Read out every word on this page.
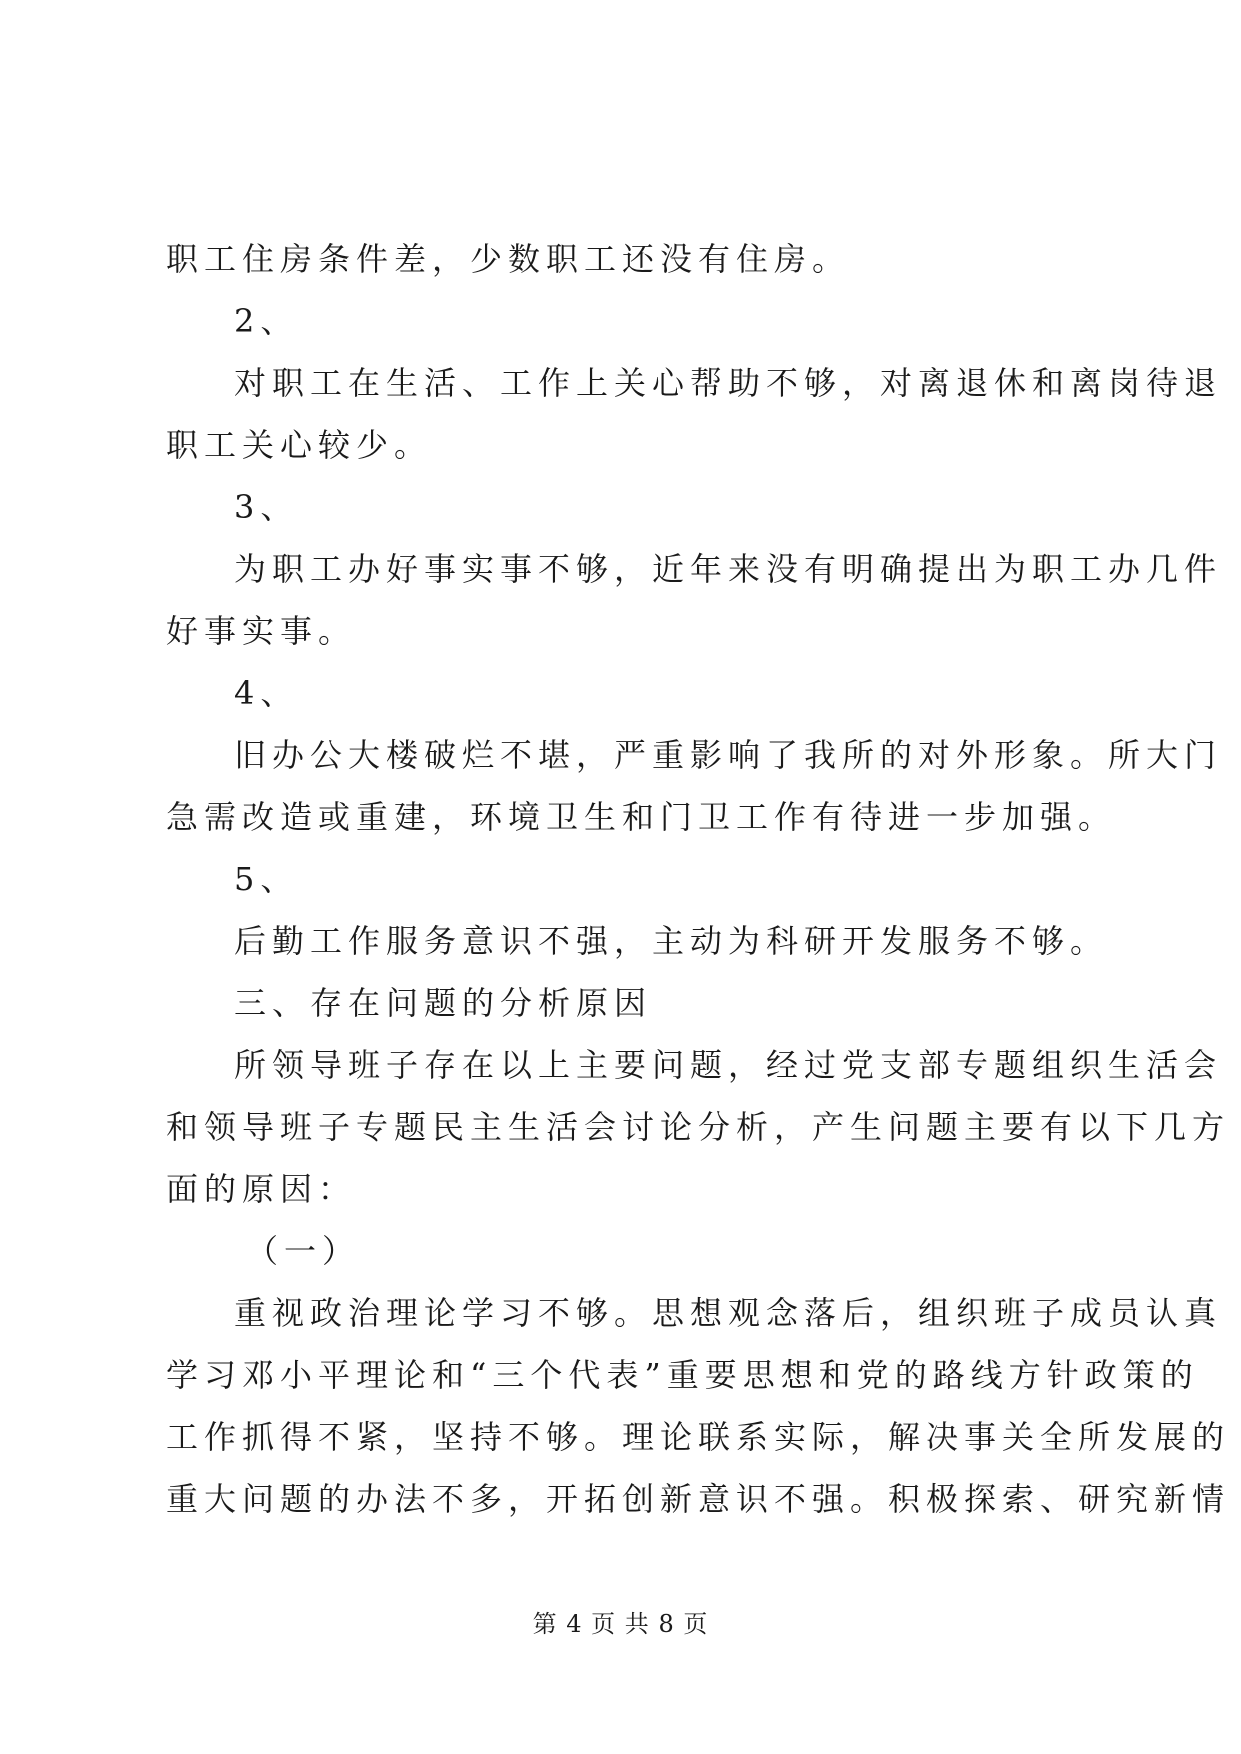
职工住房条件差，少数职工还没有住房。
2、
对职工在生活、工作上关心帮助不够，对离退休和离岗待退
职工关心较少。
3、
为职工办好事实事不够，近年来没有明确提出为职工办几件
好事实事。
4、
旧办公大楼破烂不堪，严重影响了我所的对外形象。所大门
急需改造或重建，环境卫生和门卫工作有待进一步加强。
5、
后勤工作服务意识不强，主动为科研开发服务不够。
三、存在问题的分析原因
所领导班子存在以上主要问题，经过党支部专题组织生活会
和领导班子专题民主生活会讨论分析，产生问题主要有以下几方
面的原因：
（一）
重视政治理论学习不够。思想观念落后，组织班子成员认真
学习邓小平理论和“三个代表”重要思想和党的路线方针政策的
工作抓得不紧，坚持不够。理论联系实际，解决事关全所发展的
重大问题的办法不多，开拓创新意识不强。积极探索、研究新情
第 4 页 共 8 页
